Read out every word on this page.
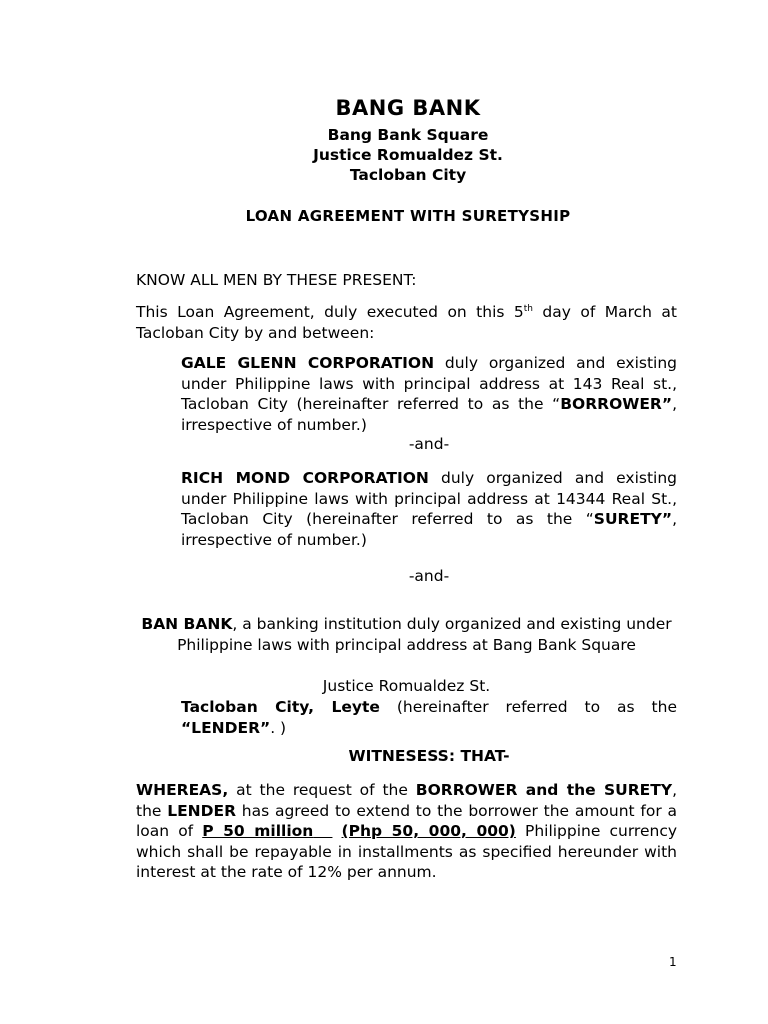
BANG BANK
Bang Bank Square
Justice Romualdez St.
Tacloban City
LOAN AGREEMENT WITH SURETYSHIP
KNOW ALL MEN BY THESE PRESENT:
This Loan Agreement, duly executed on this 5th day of March at Tacloban City by and between:
GALE GLENN CORPORATION duly organized and existing under Philippine laws with principal address at 143 Real st., Tacloban City (hereinafter referred to as the “BORROWER”, irrespective of number.)
-and-
RICH MOND CORPORATION duly organized and existing under Philippine laws with principal address at 14344 Real St., Tacloban City (hereinafter referred to as the “SURETY”, irrespective of number.)
-and-
BAN BANK, a banking institution duly organized and existing under Philippine laws with principal address at Bang Bank Square
Justice Romualdez St.
Tacloban City, Leyte (hereinafter referred to as the “LENDER”. )
WITNESESS: THAT-
WHEREAS, at the request of the BORROWER and the SURETY, the LENDER has agreed to extend to the borrower the amount for a loan of P 50 million (Php 50, 000, 000) Philippine currency which shall be repayable in installments as specified hereunder with interest at the rate of 12% per annum.
1
